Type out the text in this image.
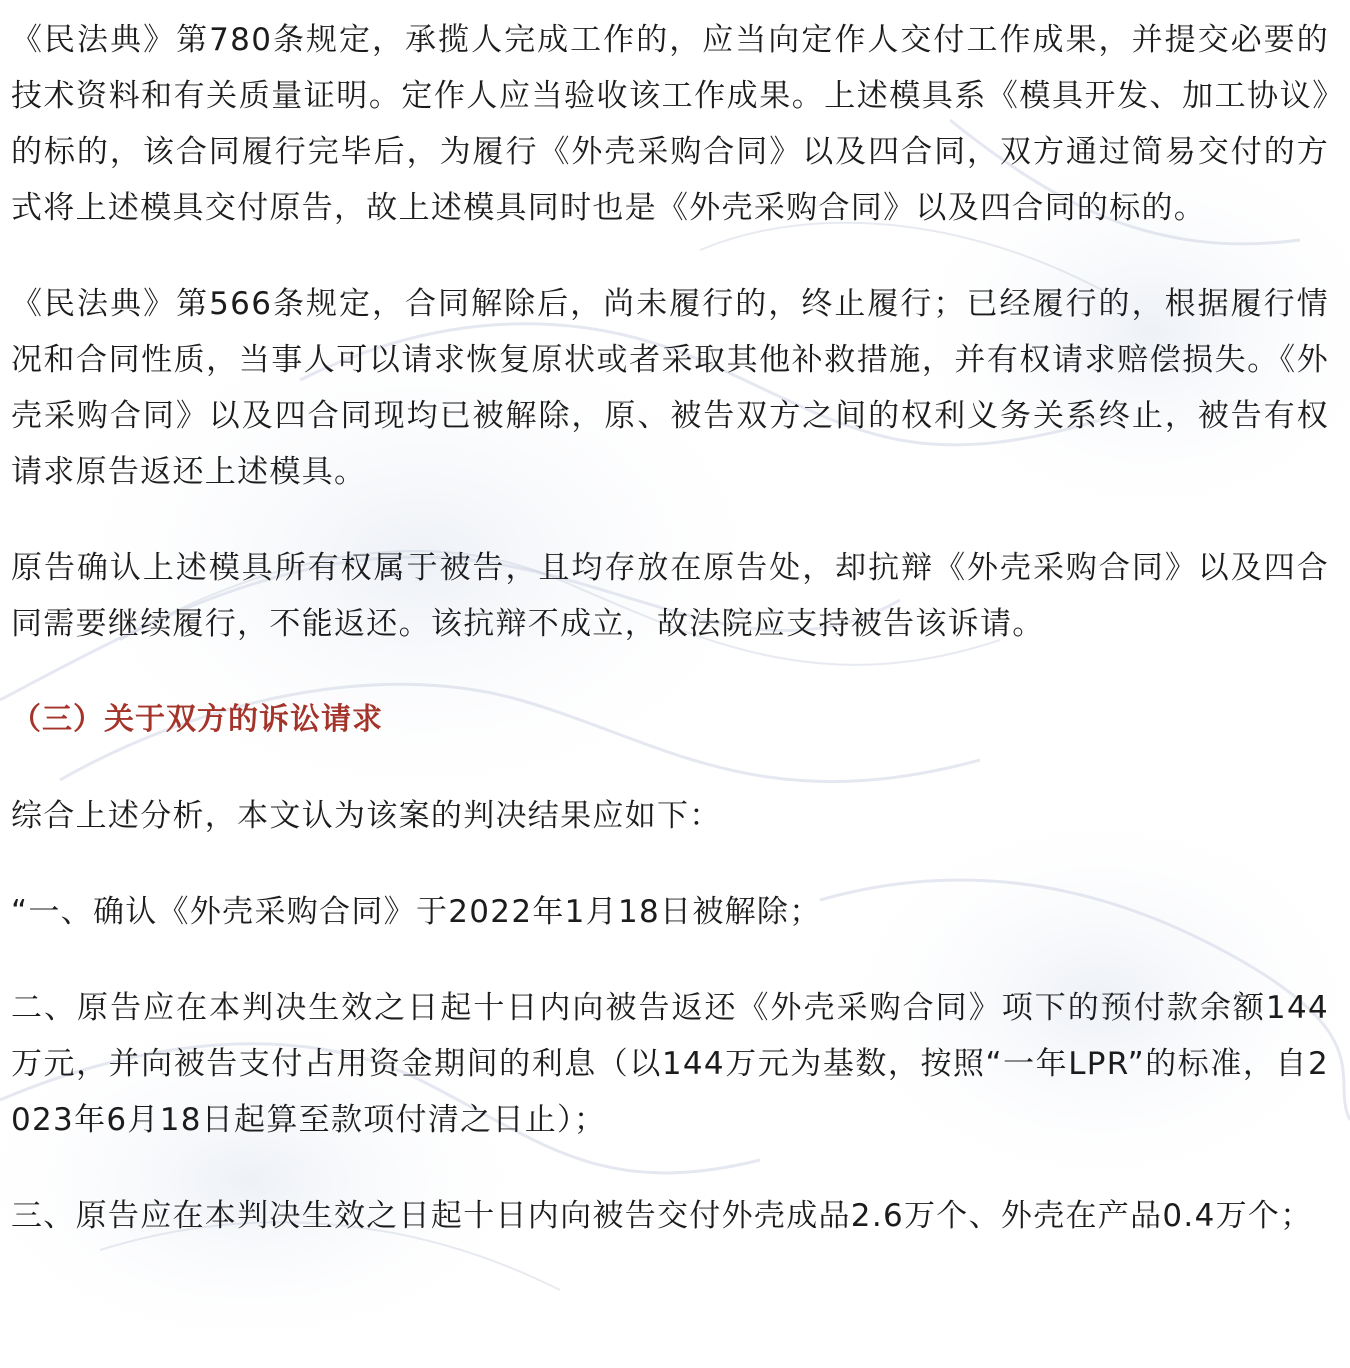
《民法典》第780条规定，承揽人完成工作的，应当向定作人交付工作成果，并提交必要的技术资料和有关质量证明。定作人应当验收该工作成果。上述模具系《模具开发、加工协议》的标的，该合同履行完毕后，为履行《外壳采购合同》以及四合同，双方通过简易交付的方式将上述模具交付原告，故上述模具同时也是《外壳采购合同》以及四合同的标的。

《民法典》第566条规定，合同解除后，尚未履行的，终止履行；已经履行的，根据履行情况和合同性质，当事人可以请求恢复原状或者采取其他补救措施，并有权请求赔偿损失。《外壳采购合同》以及四合同现均已被解除，原、被告双方之间的权利义务关系终止，被告有权请求原告返还上述模具。

原告确认上述模具所有权属于被告，且均存放在原告处，却抗辩《外壳采购合同》以及四合同需要继续履行，不能返还。该抗辩不成立，故法院应支持被告该诉请。

（三）关于双方的诉讼请求

综合上述分析，本文认为该案的判决结果应如下：

“一、确认《外壳采购合同》于2022年1月18日被解除；

二、原告应在本判决生效之日起十日内向被告返还《外壳采购合同》项下的预付款余额144万元，并向被告支付占用资金期间的利息（以144万元为基数，按照“一年LPR”的标准，自2023年6月18日起算至款项付清之日止）；

三、原告应在本判决生效之日起十日内向被告交付外壳成品2.6万个、外壳在产品0.4万个；
